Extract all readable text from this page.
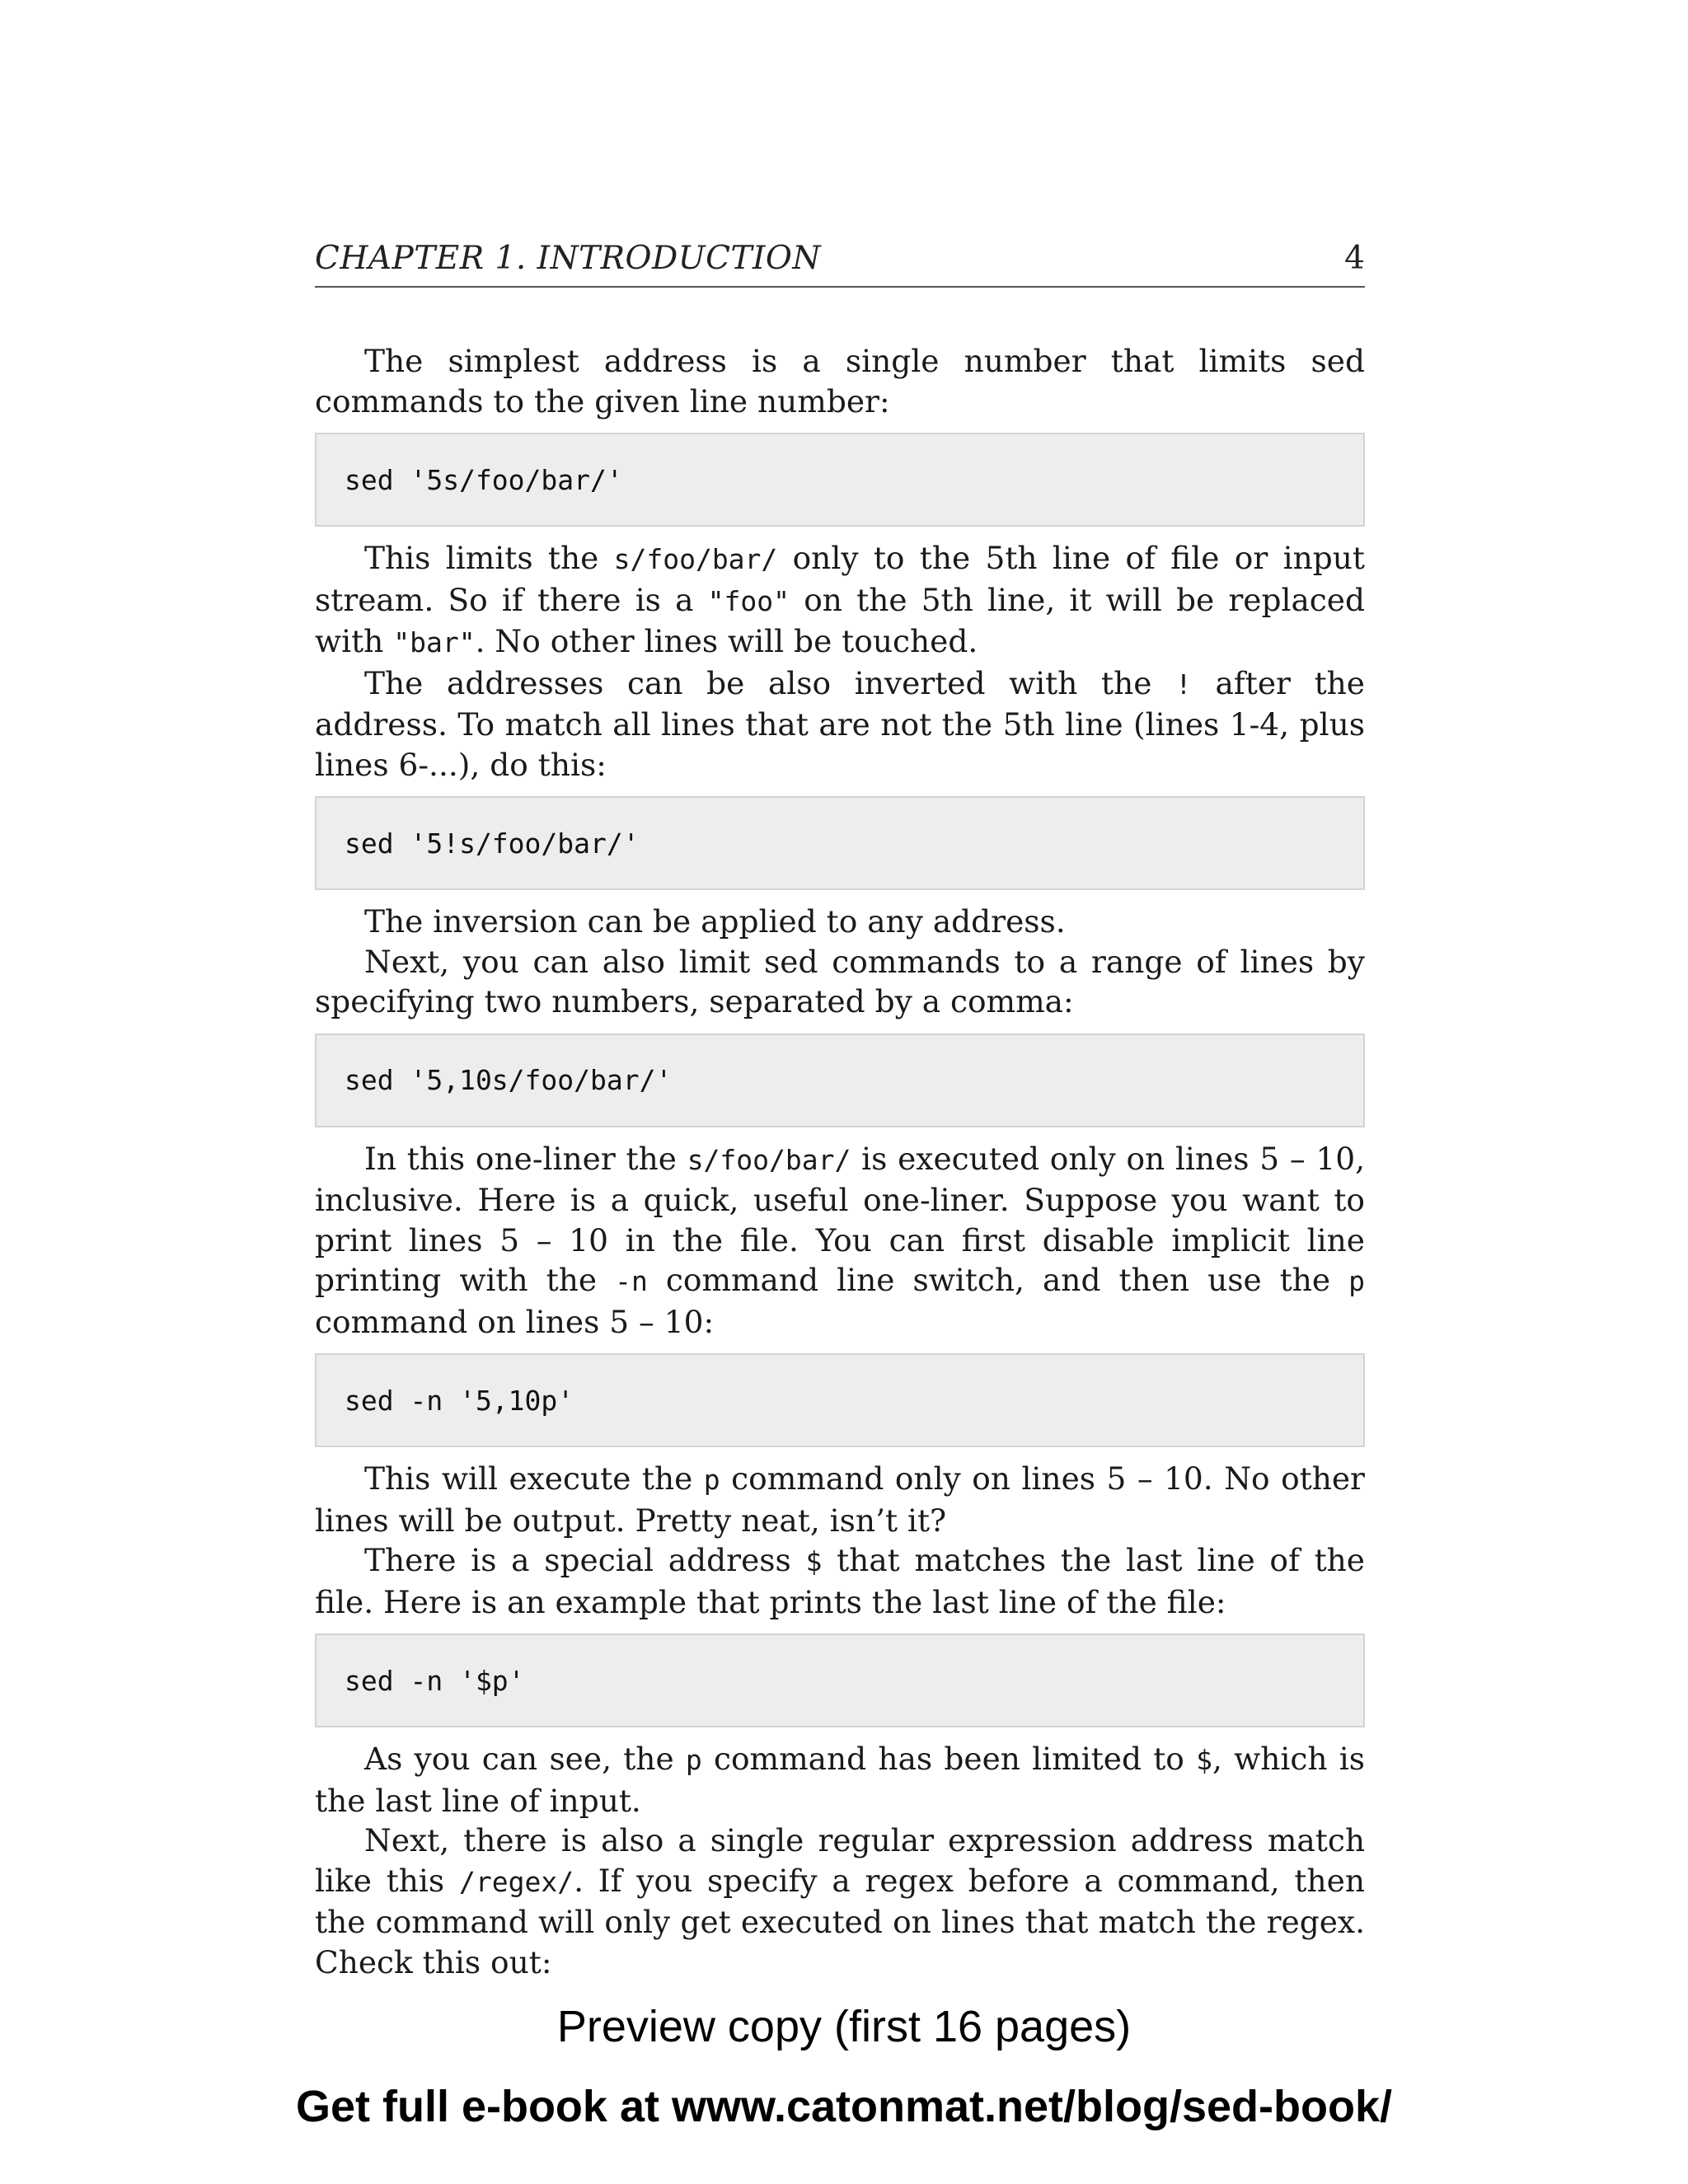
CHAPTER 1. INTRODUCTION	4

The simplest address is a single number that limits sed commands to the given line number:

sed '5s/foo/bar/'

This limits the s/foo/bar/ only to the 5th line of file or input stream. So if there is a "foo" on the 5th line, it will be replaced with "bar". No other lines will be touched.

The addresses can be also inverted with the ! after the address. To match all lines that are not the 5th line (lines 1-4, plus lines 6-...), do this:

sed '5!s/foo/bar/'

The inversion can be applied to any address.

Next, you can also limit sed commands to a range of lines by specifying two numbers, separated by a comma:

sed '5,10s/foo/bar/'

In this one-liner the s/foo/bar/ is executed only on lines 5 – 10, inclusive. Here is a quick, useful one-liner. Suppose you want to print lines 5 – 10 in the file. You can first disable implicit line printing with the -n command line switch, and then use the p command on lines 5 – 10:

sed -n '5,10p'

This will execute the p command only on lines 5 – 10. No other lines will be output. Pretty neat, isn’t it?

There is a special address $ that matches the last line of the file. Here is an example that prints the last line of the file:

sed -n '$p'

As you can see, the p command has been limited to $, which is the last line of input.

Next, there is also a single regular expression address match like this /regex/. If you specify a regex before a command, then the command will only get executed on lines that match the regex. Check this out:

Preview copy (first 16 pages)
Get full e-book at www.catonmat.net/blog/sed-book/
